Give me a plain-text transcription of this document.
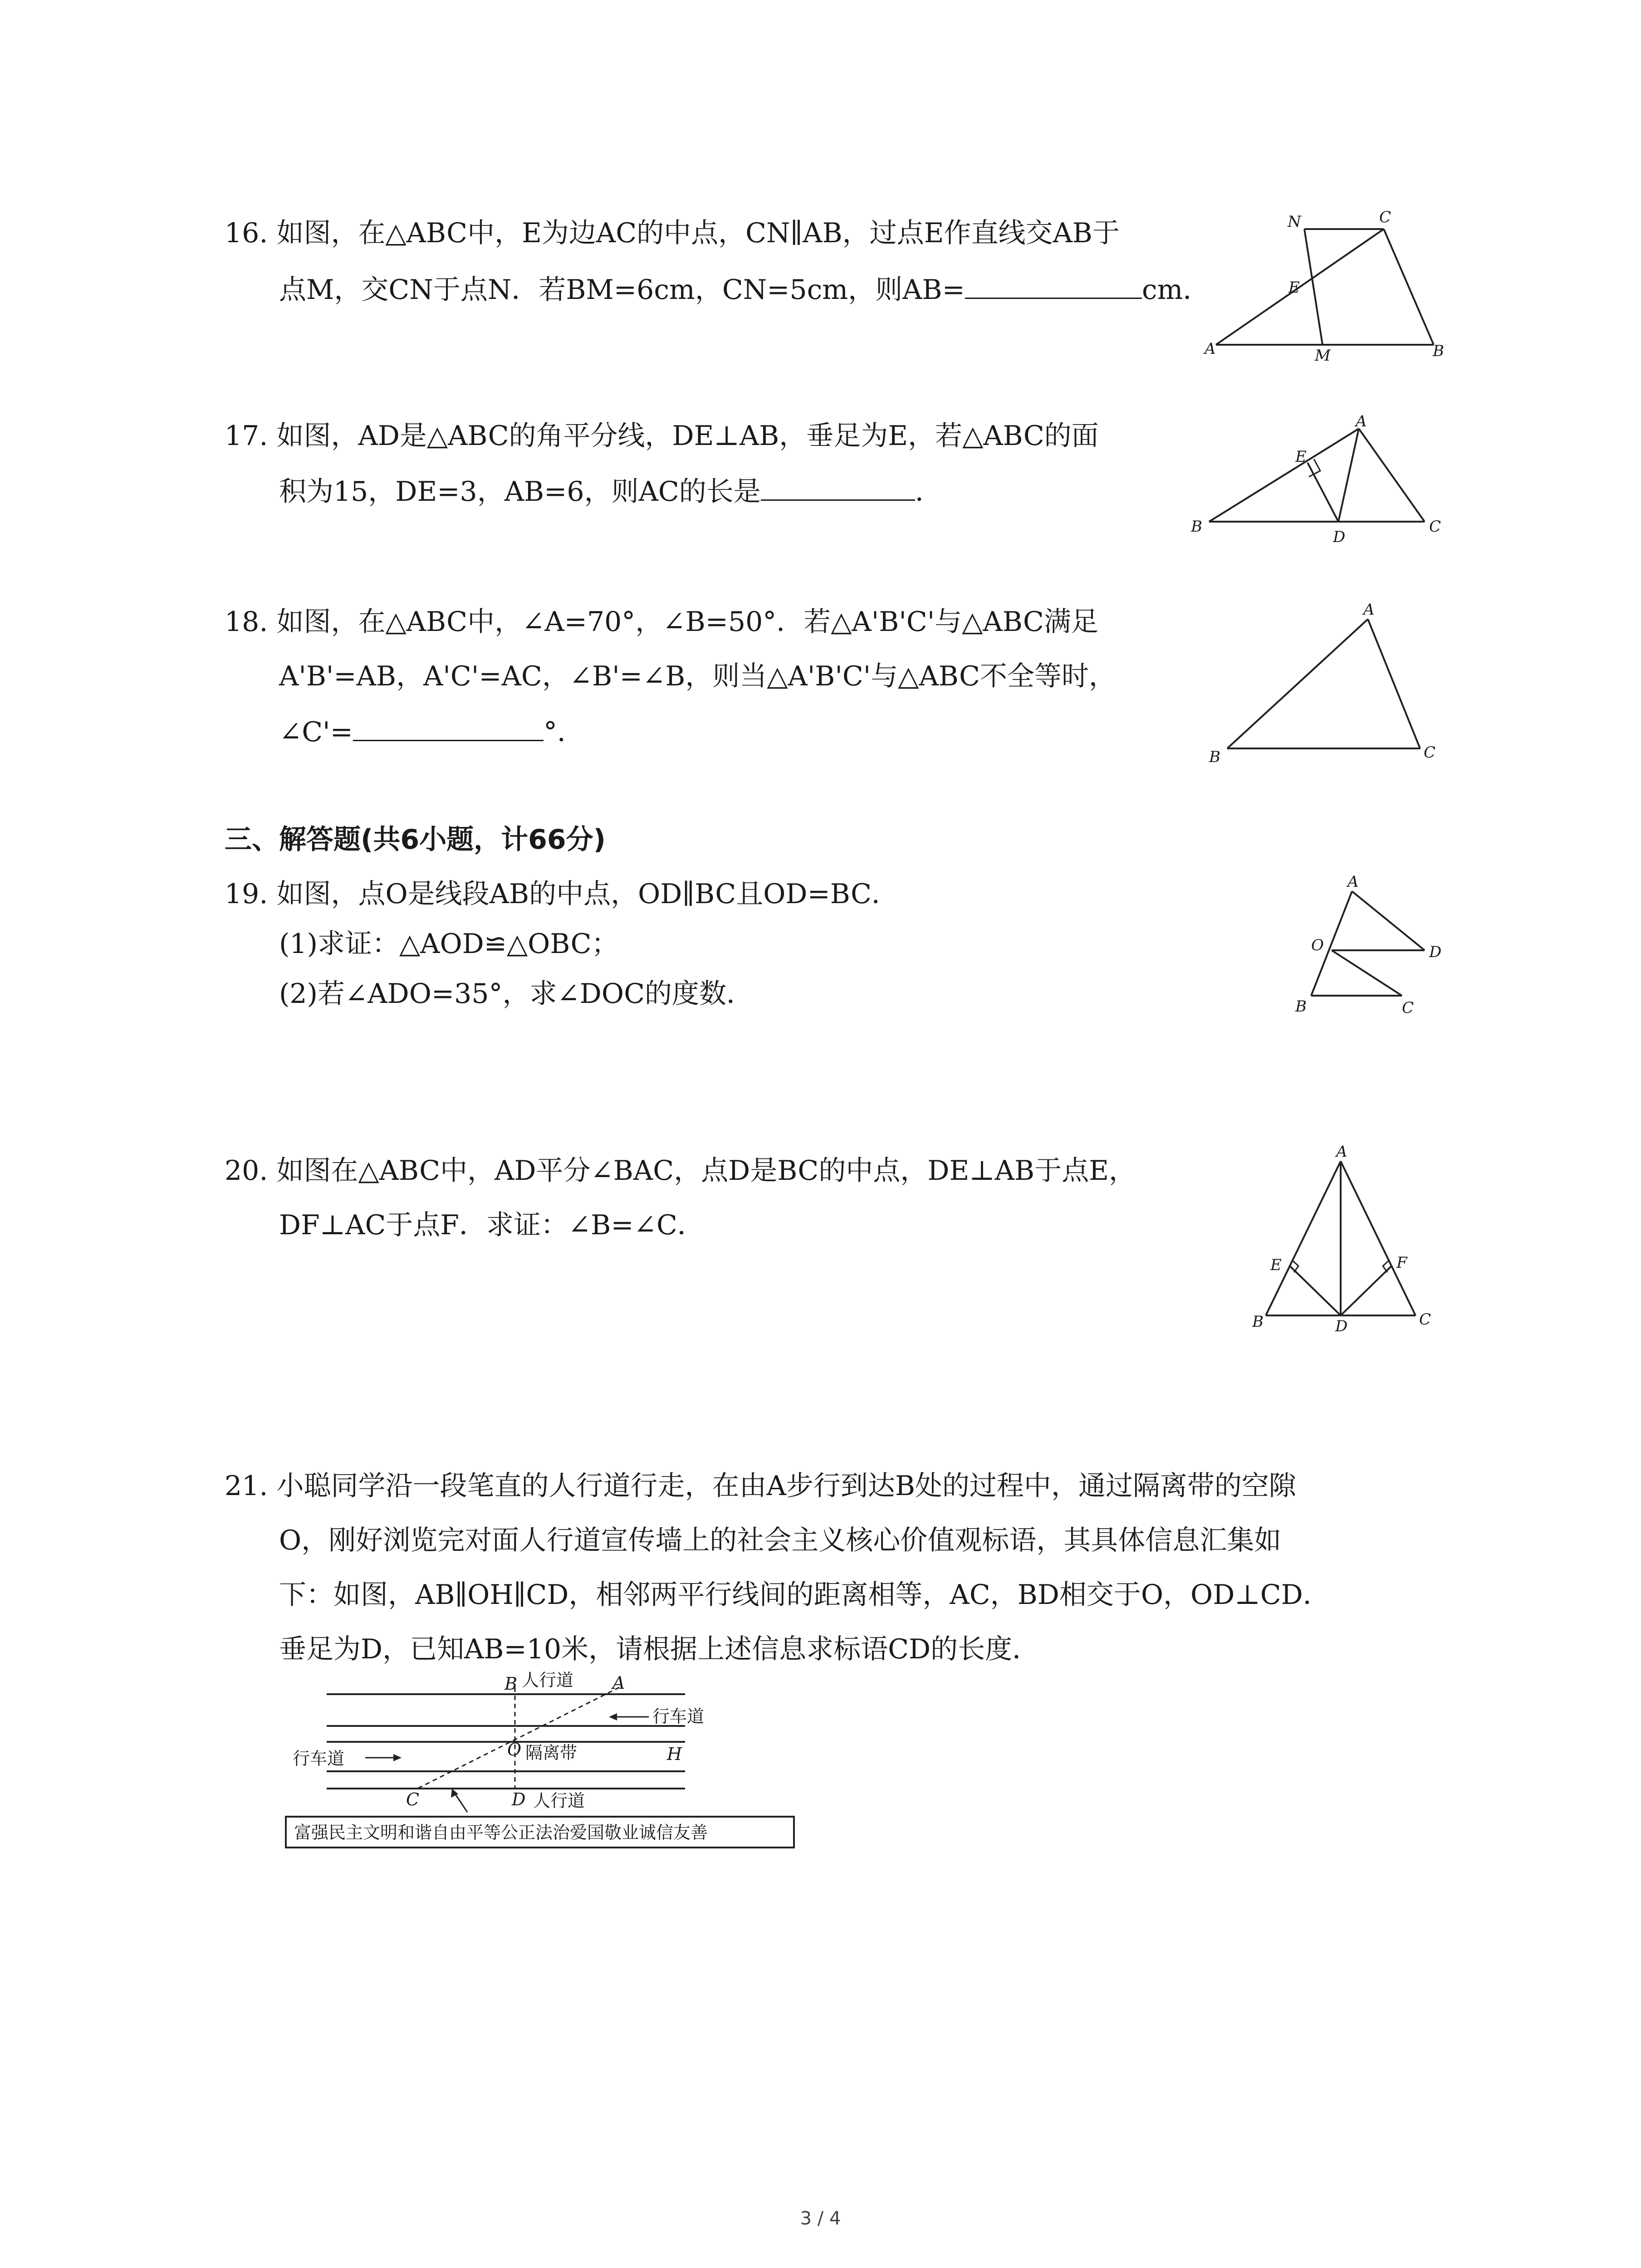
16. 如图，在△ABC中，E为边AC的中点，CN∥AB，过点E作直线交AB于
点M，交CN于点N．若BM=6cm，CN=5cm，则AB=	cm．
N	C
E
A	M	B
17. 如图，AD是△ABC的角平分线，DE⊥AB，垂足为E，若△ABC的面
积为15，DE=3，AB=6，则AC的长是	．
E
A
B
D
C
18. 如图，在△ABC中，∠A=70°，∠B=50°．若△A'B'C'与△ABC满足
A'B'=AB，A'C'=AC，∠B'=∠B，则当△A'B'C'与△ABC不全等时，
∠C'=	°．
A
B	C
三、解答题(共6小题，计66分)
19. 如图，点O是线段AB的中点，OD∥BC且OD=BC．
(1)求证：△AOD≌△OBC；
(2)若∠ADO=35°，求∠DOC的度数．
A
O	D
B	C
20. 如图在△ABC中，AD平分∠BAC，点D是BC的中点，DE⊥AB于点E，
DF⊥AC于点F．求证：∠B=∠C．
A
E	F
B	D	C
21. 小聪同学沿一段笔直的人行道行走，在由A步行到达B处的过程中，通过隔离带的空隙
O，刚好浏览完对面人行道宣传墙上的社会主义核心价值观标语，其具体信息汇集如
下：如图，AB∥OH∥CD，相邻两平行线间的距离相等，AC，BD相交于O，OD⊥CD．
垂足为D，已知AB=10米，请根据上述信息求标语CD的长度．
B 人行道 A
行车道
O 隔离带	H
行车道
C	D 人行道
富强民主文明和谐自由平等公正法治爱国敬业诚信友善
3 / 4
